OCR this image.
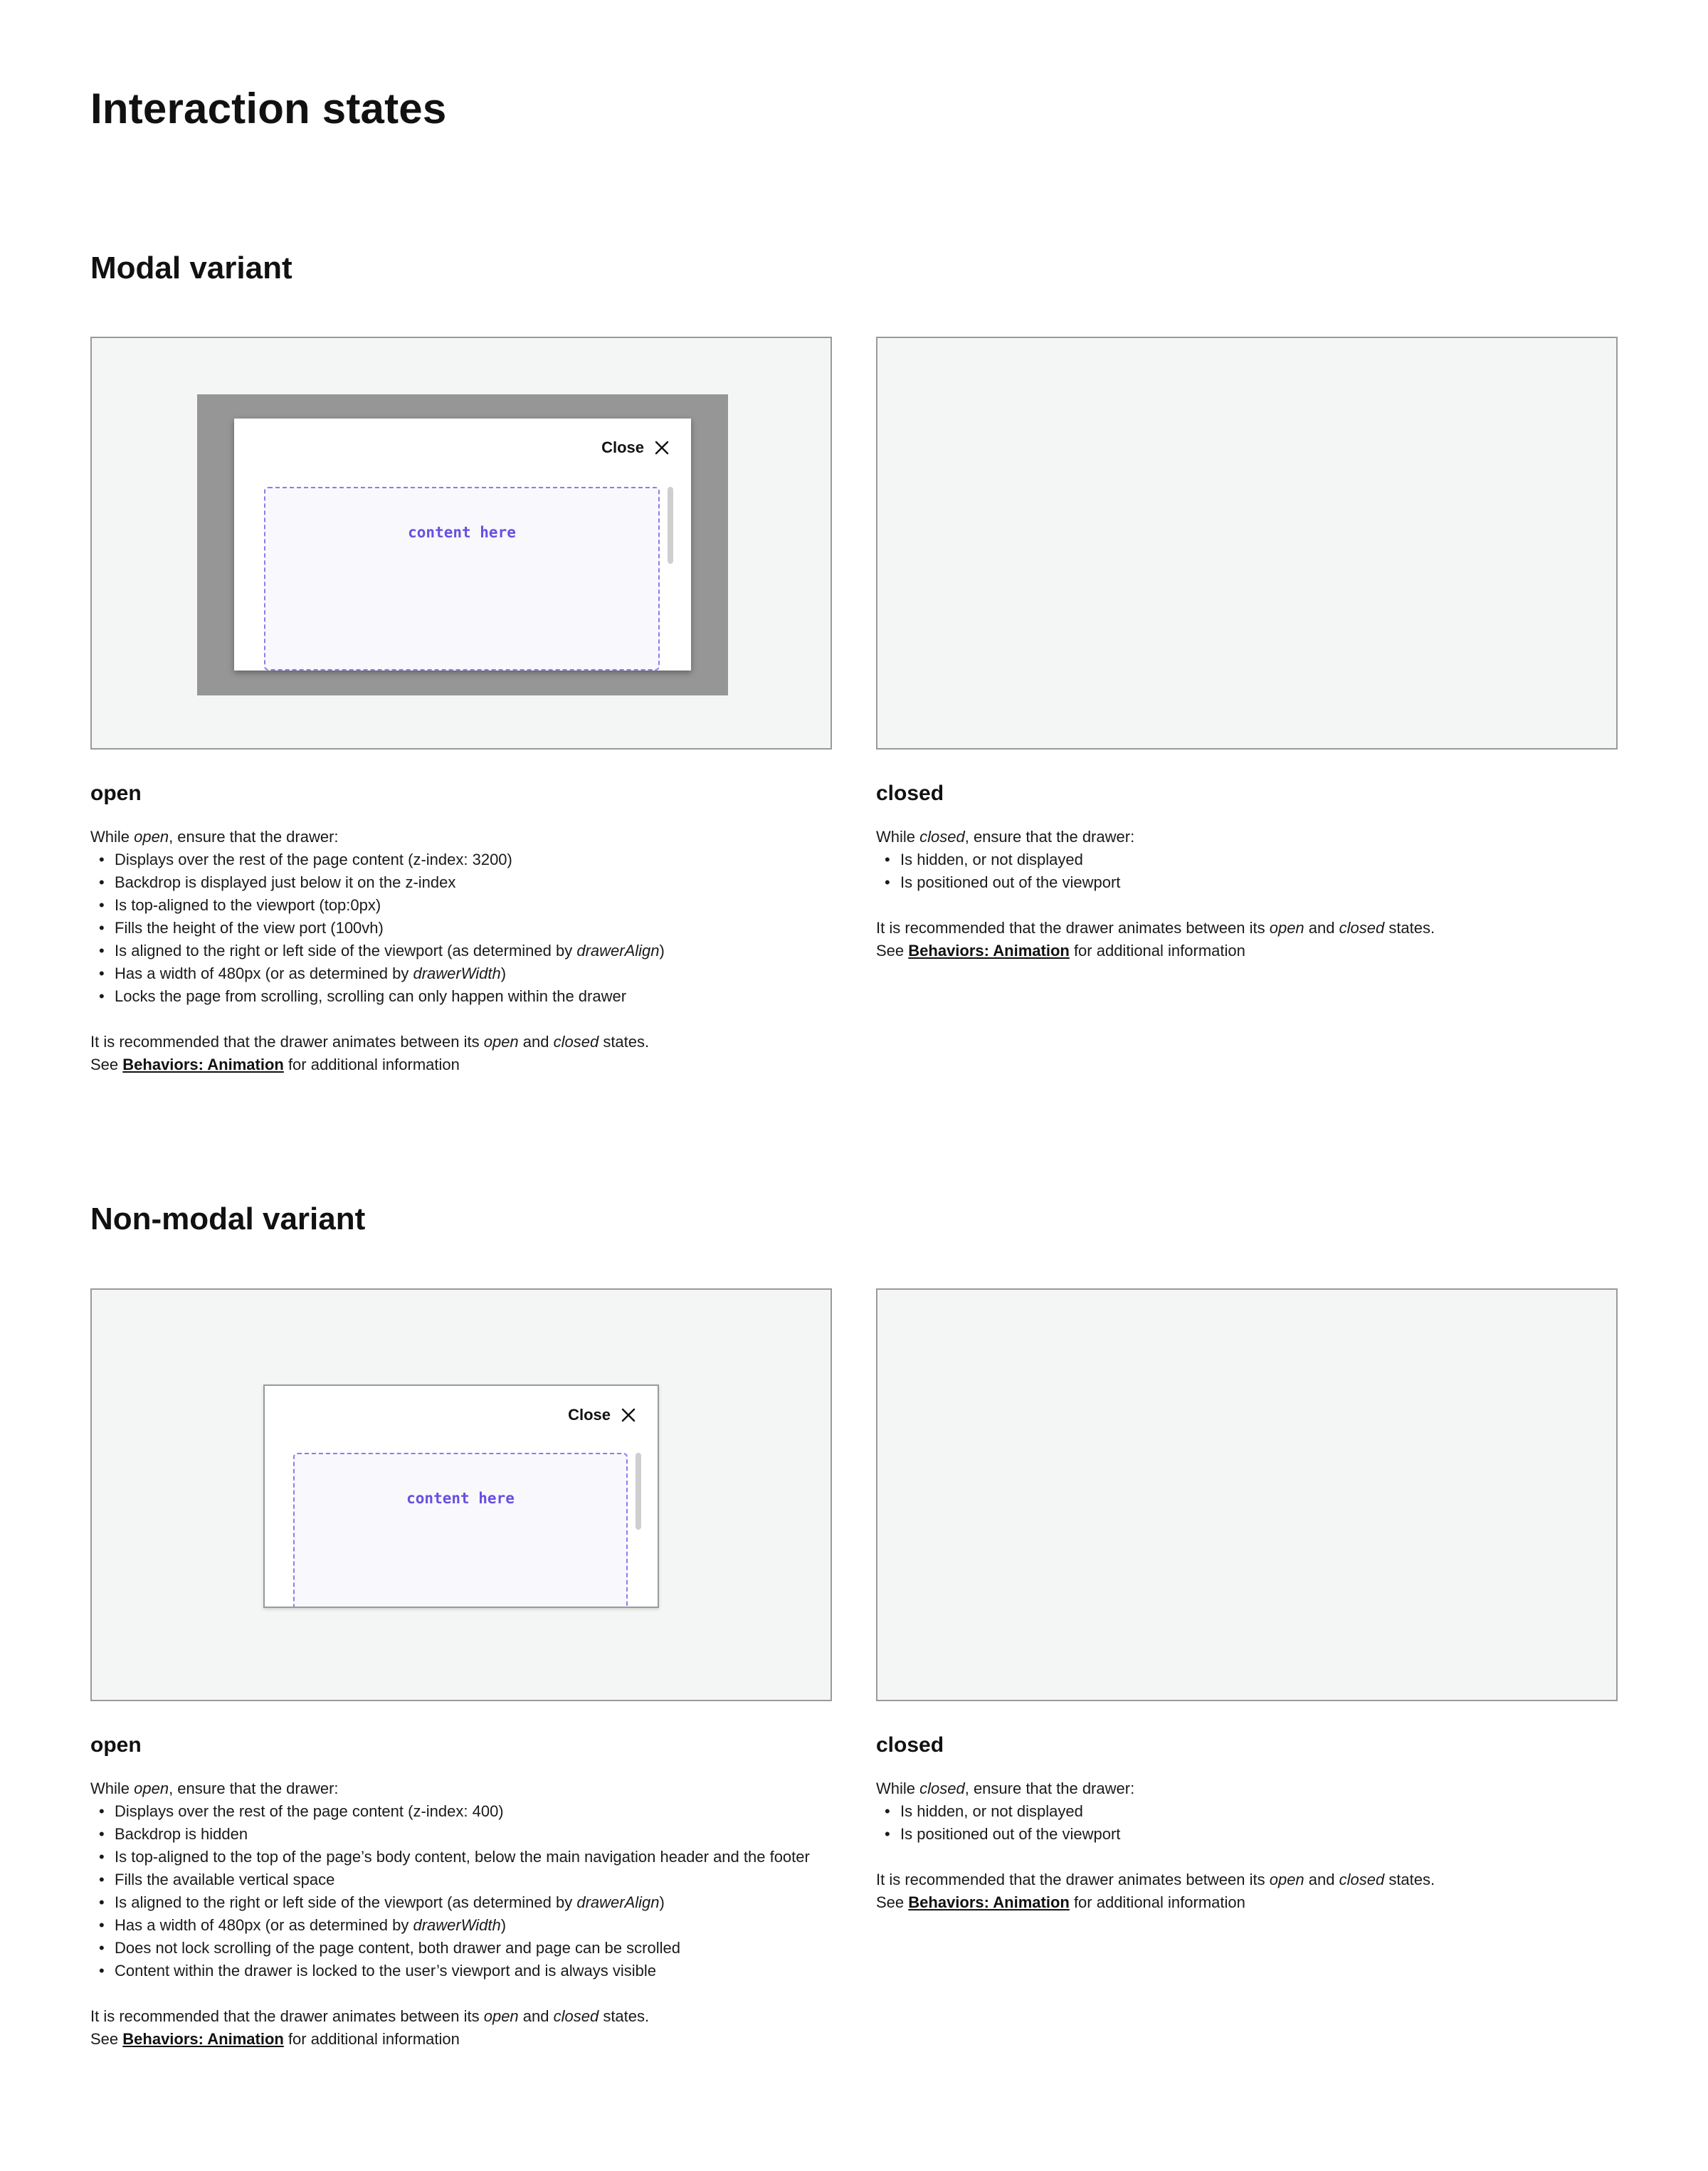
Interaction states
Modal variant
Close
content here
open

While open, ensure that the drawer:

• Displays over the rest of the page content (z-index: 3200)
• Backdrop is displayed just below it on the z-index
• Is top-aligned to the viewport (top:0px)
• Fills the height of the view port (100vh)
• Is aligned to the right or left side of the viewport (as determined by drawerAlign)
• Has a width of 480px (or as determined by drawerWidth)
• Locks the page from scrolling, scrolling can only happen within the drawer

It is recommended that the drawer animates between its open and closed states.

See Behaviors: Animation for additional information

closed

While closed, ensure that the drawer:

• Is hidden, or not displayed
• Is positioned out of the viewport

It is recommended that the drawer animates between its open and closed states.

See Behaviors: Animation for additional information

Non-modal variant
Close
content here
open

While open, ensure that the drawer:

• Displays over the rest of the page content (z-index: 400)
• Backdrop is hidden
• Is top-aligned to the top of the page’s body content, below the main navigation header and the footer
• Fills the available vertical space
• Is aligned to the right or left side of the viewport (as determined by drawerAlign)
• Has a width of 480px (or as determined by drawerWidth)
• Does not lock scrolling of the page content, both drawer and page can be scrolled
• Content within the drawer is locked to the user’s viewport and is always visible

It is recommended that the drawer animates between its open and closed states.

See Behaviors: Animation for additional information

closed

While closed, ensure that the drawer:

• Is hidden, or not displayed
• Is positioned out of the viewport

It is recommended that the drawer animates between its open and closed states.

See Behaviors: Animation for additional information
